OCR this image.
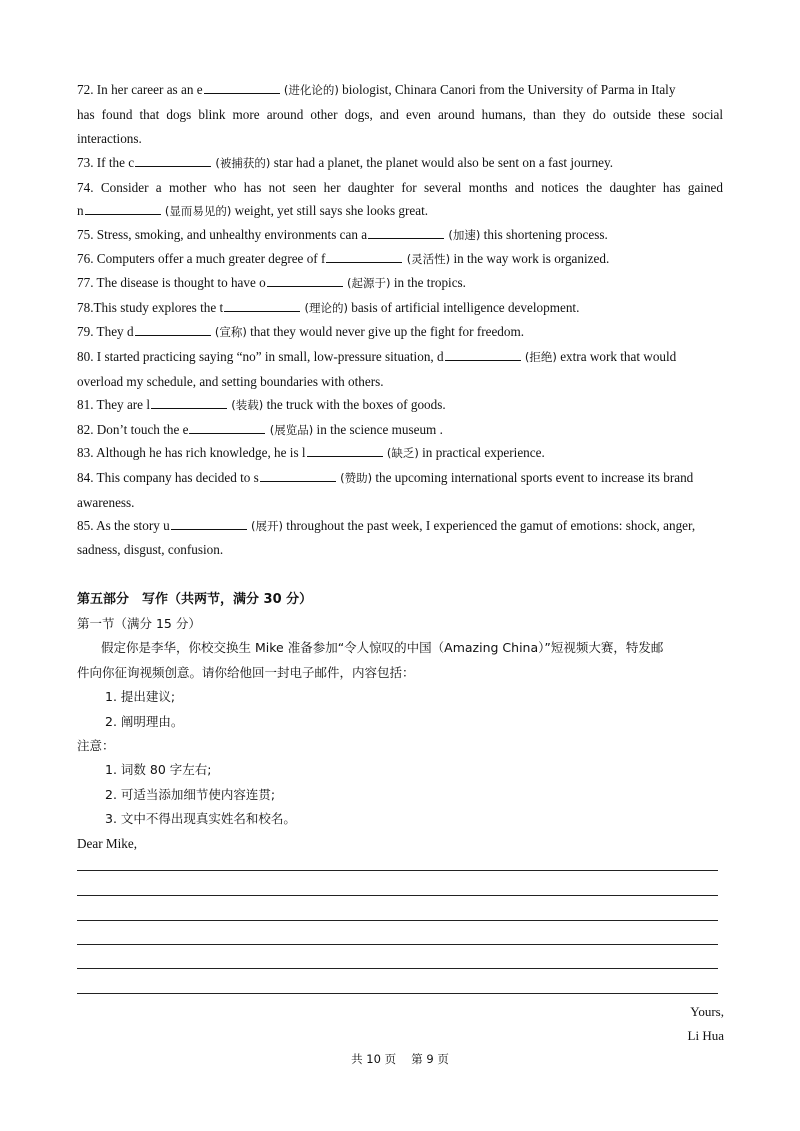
72. In her career as an e	(进化论的) biologist, Chinara Canori from the University of Parma in Italy
has found that dogs blink more around other dogs, and even around humans, than they do outside these social
interactions.
73. If the c	(被捕获的) star had a planet, the planet would also be sent on a fast journey.
74. Consider a mother who has not seen her daughter for several months and notices the daughter has gained
n	(显而易见的) weight, yet still says she looks great.
75. Stress, smoking, and unhealthy environments can a	(加速) this shortening process.
76. Computers offer a much greater degree of f	(灵活性) in the way work is organized.
77. The disease is thought to have o	(起源于) in the tropics.
78.This study explores the t	(理论的) basis of artificial intelligence development.
79. They d	(宣称) that they would never give up the fight for freedom.
80. I started practicing saying “no” in small, low-pressure situation, d	(拒绝) extra work that would
overload my schedule, and setting boundaries with others.
81. They are l	(装载) the truck with the boxes of goods.
82. Don’t touch the e	(展览品) in the science museum .
83. Although he has rich knowledge, he is l	(缺乏) in practical experience.
84. This company has decided to s	(赞助) the upcoming international sports event to increase its brand
awareness.
85. As the story u	(展开) throughout the past week, I experienced the gamut of emotions: shock, anger,
sadness, disgust, confusion.
第五部分　写作（共两节，满分 30 分）
第一节（满分 15 分）
假定你是李华，你校交换生 Mike 准备参加“令人惊叹的中国（Amazing China）”短视频大赛，特发邮
件向你征询视频创意。请你给他回一封电子邮件，内容包括：
1. 提出建议;
2. 阐明理由。
注意：
1. 词数 80 字左右;
2. 可适当添加细节使内容连贯;
3. 文中不得出现真实姓名和校名。
Dear Mike,
Yours,
Li Hua
共 10 页　 第 9 页
